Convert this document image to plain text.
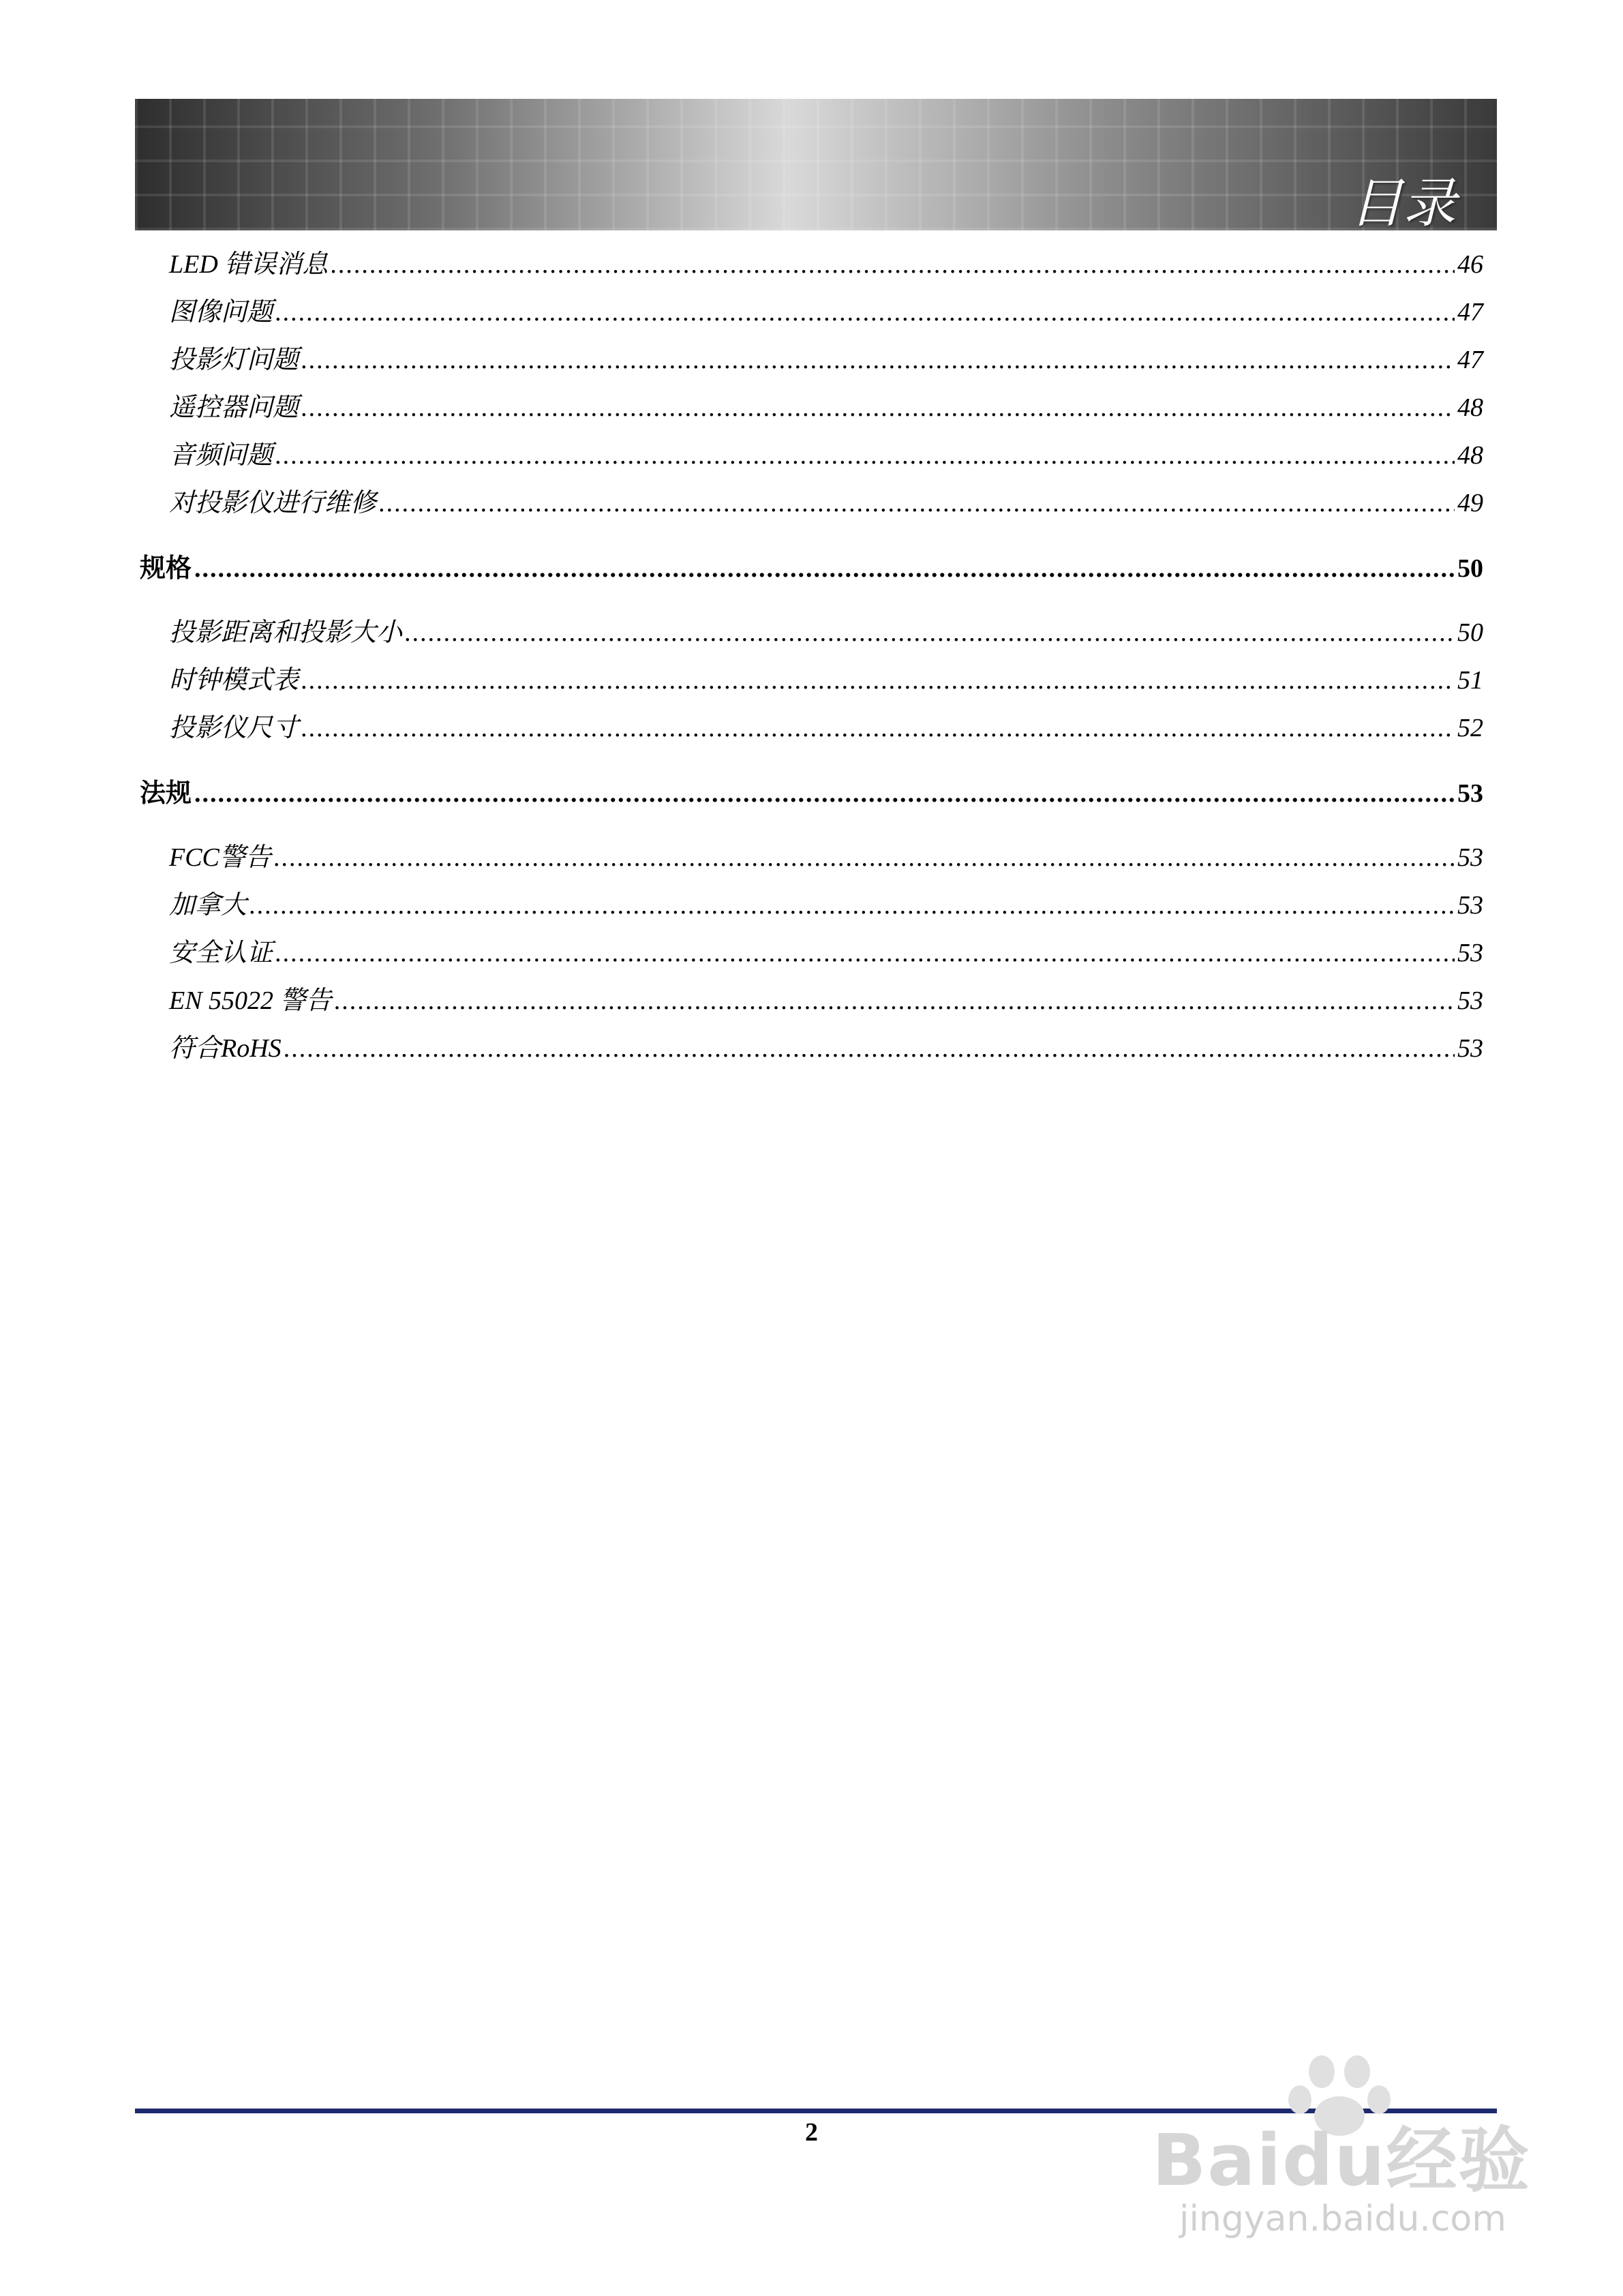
目录
LED 错误消息 .....	46
图像问题 .....	47
投影灯问题 .....	47
遥控器问题 .....	48
音频问题 .....	48
对投影仪进行维修 .....	49
规格 .....	50
投影距离和投影大小 .....	50
时钟模式表 .....	51
投影仪尺寸 .....	52
法规 .....	53
FCC警告 .....	53
加拿大 .....	53
安全认证 .....	53
EN 55022 警告 .....	53
符合RoHS .....	53
2	Baidu经验
jingyan.baidu.com
